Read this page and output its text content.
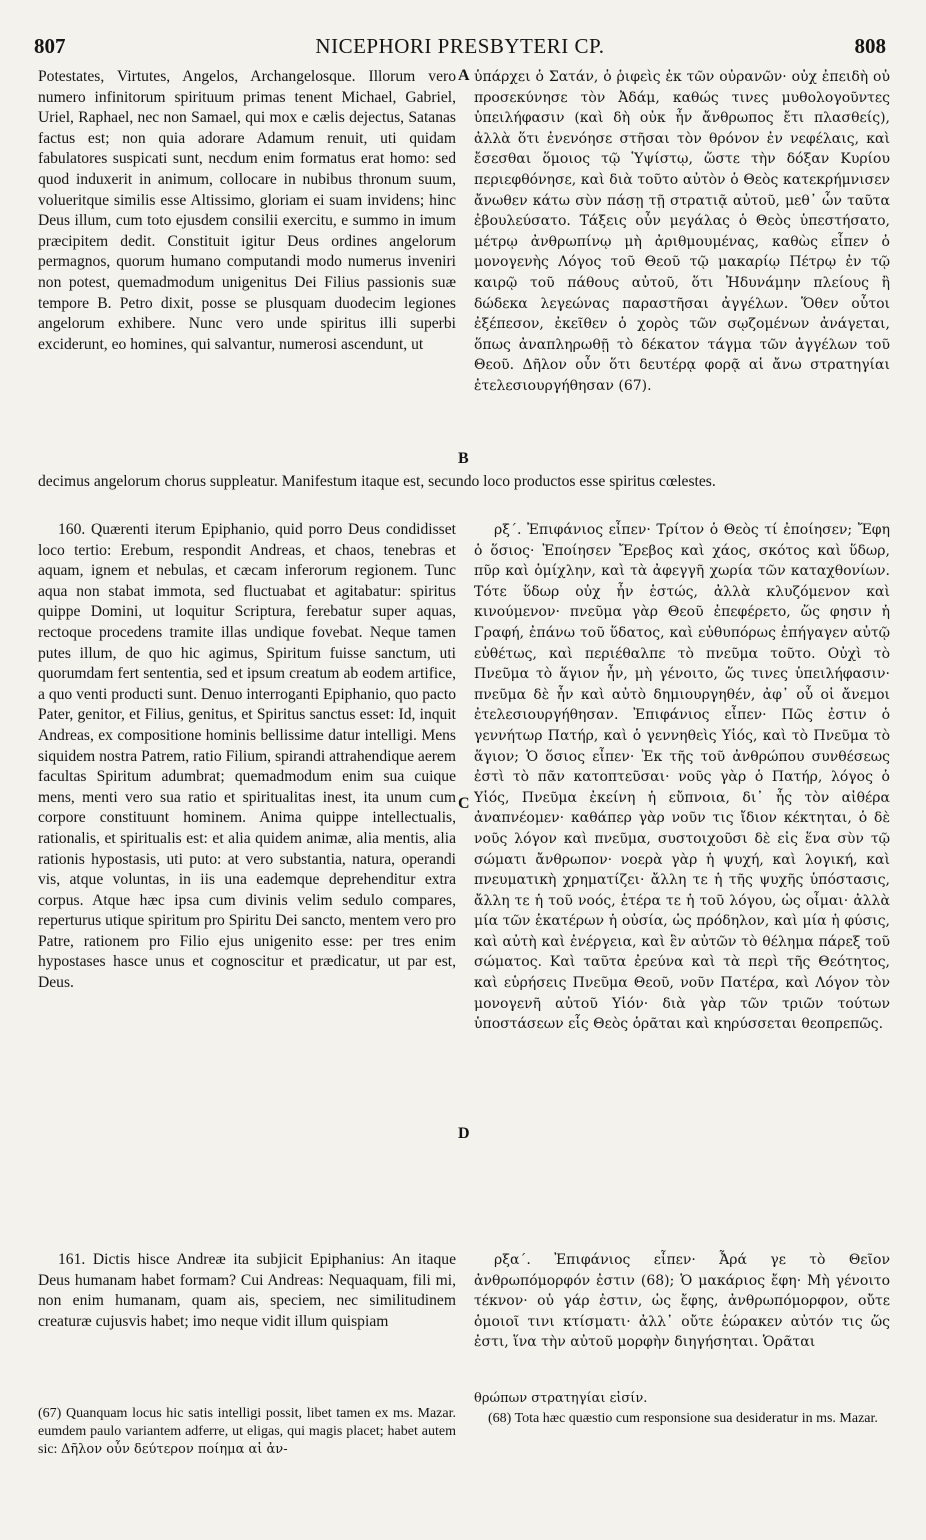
807	NICEPHORI PRESBYTERI CP.	808

Potestates, Virtutes, Angelos, Archangelosque. Illorum vero numero infinitorum spirituum primas tenent Michael, Gabriel, Uriel, Raphael, nec non Samael, qui mox e cælis dejectus, Satanas factus est; non quia adorare Adamum renuit, uti quidam fabulatores suspicati sunt, necdum enim formatus erat homo: sed quod induxerit in animum, collocare in nubibus thronum suum, volueritque similis esse Altissimo, gloriam ei suam invidens; hinc Deus illum, cum toto ejusdem consilii exercitu, e summo in imum præcipitem dedit. Constituit igitur Deus ordines angelorum permagnos, quorum humano computandi modo numerus inveniri non potest, quemadmodum unigenitus Dei Filius passionis suæ tempore B. Petro dixit, posse se plusquam duodecim legiones angelorum exhibere. Nunc vero unde spiritus illi superbi exciderunt, eo homines, qui salvantur, numerosi ascendunt, ut

A ὑπάρχει ὁ Σατάν, ὁ ῥιφεὶς ἐκ τῶν οὐρανῶν· οὐχ ἐπειδὴ οὐ προσεκύνησε τὸν Ἀδάμ, καθώς τινες μυθολογοῦντες ὑπειλήφασιν (καὶ δὴ οὐκ ἦν ἄνθρωπος ἔτι πλασθείς), ἀλλὰ ὅτι ἐνενόησε στῆσαι τὸν θρόνον ἐν νεφέλαις, καὶ ἔσεσθαι ὅμοιος τῷ Ὑψίστῳ, ὥστε τὴν δόξαν Κυρίου περιεφθόνησε, καὶ διὰ τοῦτο αὐτὸν ὁ Θεὸς κατεκρήμνισεν ἄνωθεν κάτω σὺν πάσῃ τῇ στρατιᾷ αὐτοῦ, μεθ᾽ ὧν ταῦτα ἐβουλεύσατο. Τάξεις οὖν μεγάλας ὁ Θεὸς ὑπεστήσατο, μέτρῳ ἀνθρωπίνῳ μὴ ἀριθμουμένας, καθὼς εἶπεν ὁ μονογενὴς Λόγος τοῦ Θεοῦ τῷ μακαρίῳ Πέτρῳ ἐν τῷ καιρῷ τοῦ πάθους αὐτοῦ, ὅτι Ἠδυνάμην πλείους ἢ δώδεκα λεγεώνας παραστῆσαι ἀγγέλων. Ὅθεν οὗτοι ἐξέπεσον, ἐκεῖθεν ὁ χορὸς τῶν σῳζομένων ἀνάγεται, ὅπως ἀναπληρωθῇ τὸ δέκατον τάγμα τῶν ἀγγέλων τοῦ Θεοῦ. Δῆλον οὖν ὅτι δευτέρᾳ φορᾷ αἱ ἄνω στρατηγίαι ἐτελεσιουργήθησαν (67).

B
decimus angelorum chorus suppleatur. Manifestum itaque est, secundo loco productos esse spiritus cœlestes.

160. Quærenti iterum Epiphanio, quid porro Deus condidisset loco tertio: Erebum, respondit Andreas, et chaos, tenebras et aquam, ignem et nebulas, et cæcam inferorum regionem. Tunc aqua non stabat immota, sed fluctuabat et agitabatur: spiritus quippe Domini, ut loquitur Scriptura, ferebatur super aquas, rectoque procedens tramite illas undique fovebat. Neque tamen putes illum, de quo hic agimus, Spiritum fuisse sanctum, uti quorumdam fert sententia, sed et ipsum creatum ab eodem artifice, a quo venti producti sunt. Denuo interroganti Epiphanio, quo pacto Pater, genitor, et Filius, genitus, et Spiritus sanctus esset: Id, inquit Andreas, ex compositione hominis bellissime datur intelligi. Mens siquidem nostra Patrem, ratio Filium, spirandi attrahendique aerem facultas Spiritum adumbrat; quemadmodum enim sua cuique mens, menti vero sua ratio et spiritualitas inest, ita unum cum corpore constituunt hominem. Anima quippe intellectualis, rationalis, et spiritualis est: et alia quidem animæ, alia mentis, alia rationis hypostasis, uti puto: at vero substantia, natura, operandi vis, atque voluntas, in iis una eademque deprehenditur extra corpus. Atque hæc ipsa cum divinis velim sedulo compares, reperturus utique spiritum pro Spiritu Dei sancto, mentem vero pro Patre, rationem pro Filio ejus unigenito esse: per tres enim hypostases hasce unus et cognoscitur et prædicatur, ut par est, Deus.

ρξ΄. Ἐπιφάνιος εἶπεν· Τρίτον ὁ Θεὸς τί ἐποίησεν; Ἔφη ὁ ὅσιος· Ἐποίησεν Ἔρεβος καὶ χάος, σκότος καὶ ὕδωρ, πῦρ καὶ ὁμίχλην, καὶ τὰ ἀφεγγῆ χωρία τῶν καταχθονίων. Τότε ὕδωρ οὐχ ἦν ἑστώς, ἀλλὰ κλυζόμενον καὶ κινούμενον· πνεῦμα γὰρ Θεοῦ ἐπεφέρετο, ὥς φησιν ἡ Γραφή, ἐπάνω τοῦ ὕδατος, καὶ εὐθυπόρως ἐπήγαγεν αὐτῷ εὐθέτως, καὶ περιέθαλπε τὸ πνεῦμα τοῦτο. Οὐχὶ τὸ Πνεῦμα τὸ ἅγιον ἦν, μὴ γένοιτο, ὥς τινες ὑπειλήφασιν· πνεῦμα δὲ ἦν καὶ αὐτὸ δημιουργηθέν, ἀφ᾽ οὗ οἱ ἄνεμοι ἐτελεσιουργήθησαν. Ἐπιφάνιος εἶπεν· Πῶς ἐστιν ὁ γεννήτωρ Πατήρ, καὶ ὁ γεννηθεὶς Υἱός, καὶ τὸ Πνεῦμα τὸ ἅγιον; Ὁ ὅσιος εἶπεν· Ἐκ τῆς τοῦ ἀνθρώπου συνθέσεως ἐστὶ τὸ πᾶν κατοπτεῦσαι· νοῦς γὰρ ὁ Πατήρ, λόγος ὁ Υἱός, Πνεῦμα ἐκείνη ἡ εὔπνοια, δι᾽ ἧς τὸν αἰθέρα ἀναπνέομεν· καθάπερ γὰρ νοῦν τις ἴδιον κέκτηται, ὁ δὲ νοῦς λόγον καὶ πνεῦμα, συστοιχοῦσι δὲ εἰς ἕνα σὺν τῷ σώματι ἄνθρωπον· νοερὰ γὰρ ἡ ψυχή, καὶ λογική, καὶ πνευματικὴ χρηματίζει· ἄλλη τε ἡ τῆς ψυχῆς ὑπόστασις, ἄλλη τε ἡ τοῦ νοός, ἑτέρα τε ἡ τοῦ λόγου, ὡς οἶμαι· ἀλλὰ μία τῶν ἑκατέρων ἡ οὐσία, ὡς πρόδηλον, καὶ μία ἡ φύσις, καὶ αὐτὴ καὶ ἐνέργεια, καὶ ἓν αὐτῶν τὸ θέλημα πάρεξ τοῦ σώματος. Καὶ ταῦτα ἐρεύνα καὶ τὰ περὶ τῆς Θεότητος, καὶ εὑρήσεις Πνεῦμα Θεοῦ, νοῦν Πατέρα, καὶ Λόγον τὸν μονογενῆ αὐτοῦ Υἱόν· διὰ γὰρ τῶν τριῶν τούτων ὑποστάσεων εἷς Θεὸς ὁρᾶται καὶ κηρύσσεται θεοπρεπῶς.

C
D

161. Dictis hisce Andreæ ita subjicit Epiphanius: An itaque Deus humanam habet formam? Cui Andreas: Nequaquam, fili mi, non enim humanam, quam ais, speciem, nec similitudinem creaturæ cujusvis habet; imo neque vidit illum quispiam

ρξα΄. Ἐπιφάνιος εἶπεν· Ἆρά γε τὸ Θεῖον ἀνθρωπόμορφόν ἐστιν (68); Ὁ μακάριος ἔφη· Μὴ γένοιτο τέκνον· οὐ γάρ ἐστιν, ὡς ἔφης, ἀνθρωπόμορφον, οὔτε ὁμοιοῖ τινι κτίσματι· ἀλλ᾽ οὔτε ἑώρακεν αὐτόν τις ὥς ἐστι, ἵνα τὴν αὐτοῦ μορφὴν διηγήσηται. Ὁρᾶται

(67) Quanquam locus hic satis intelligi possit, libet tamen ex ms. Mazar. eumdem paulo variantem adferre, ut eligas, qui magis placet; habet autem sic: Δῆλον οὖν δεύτερον ποίημα αἱ ἀν-
θρώπων στρατηγίαι εἰσίν.
(68) Tota hæc quæstio cum responsione sua desideratur in ms. Mazar.
